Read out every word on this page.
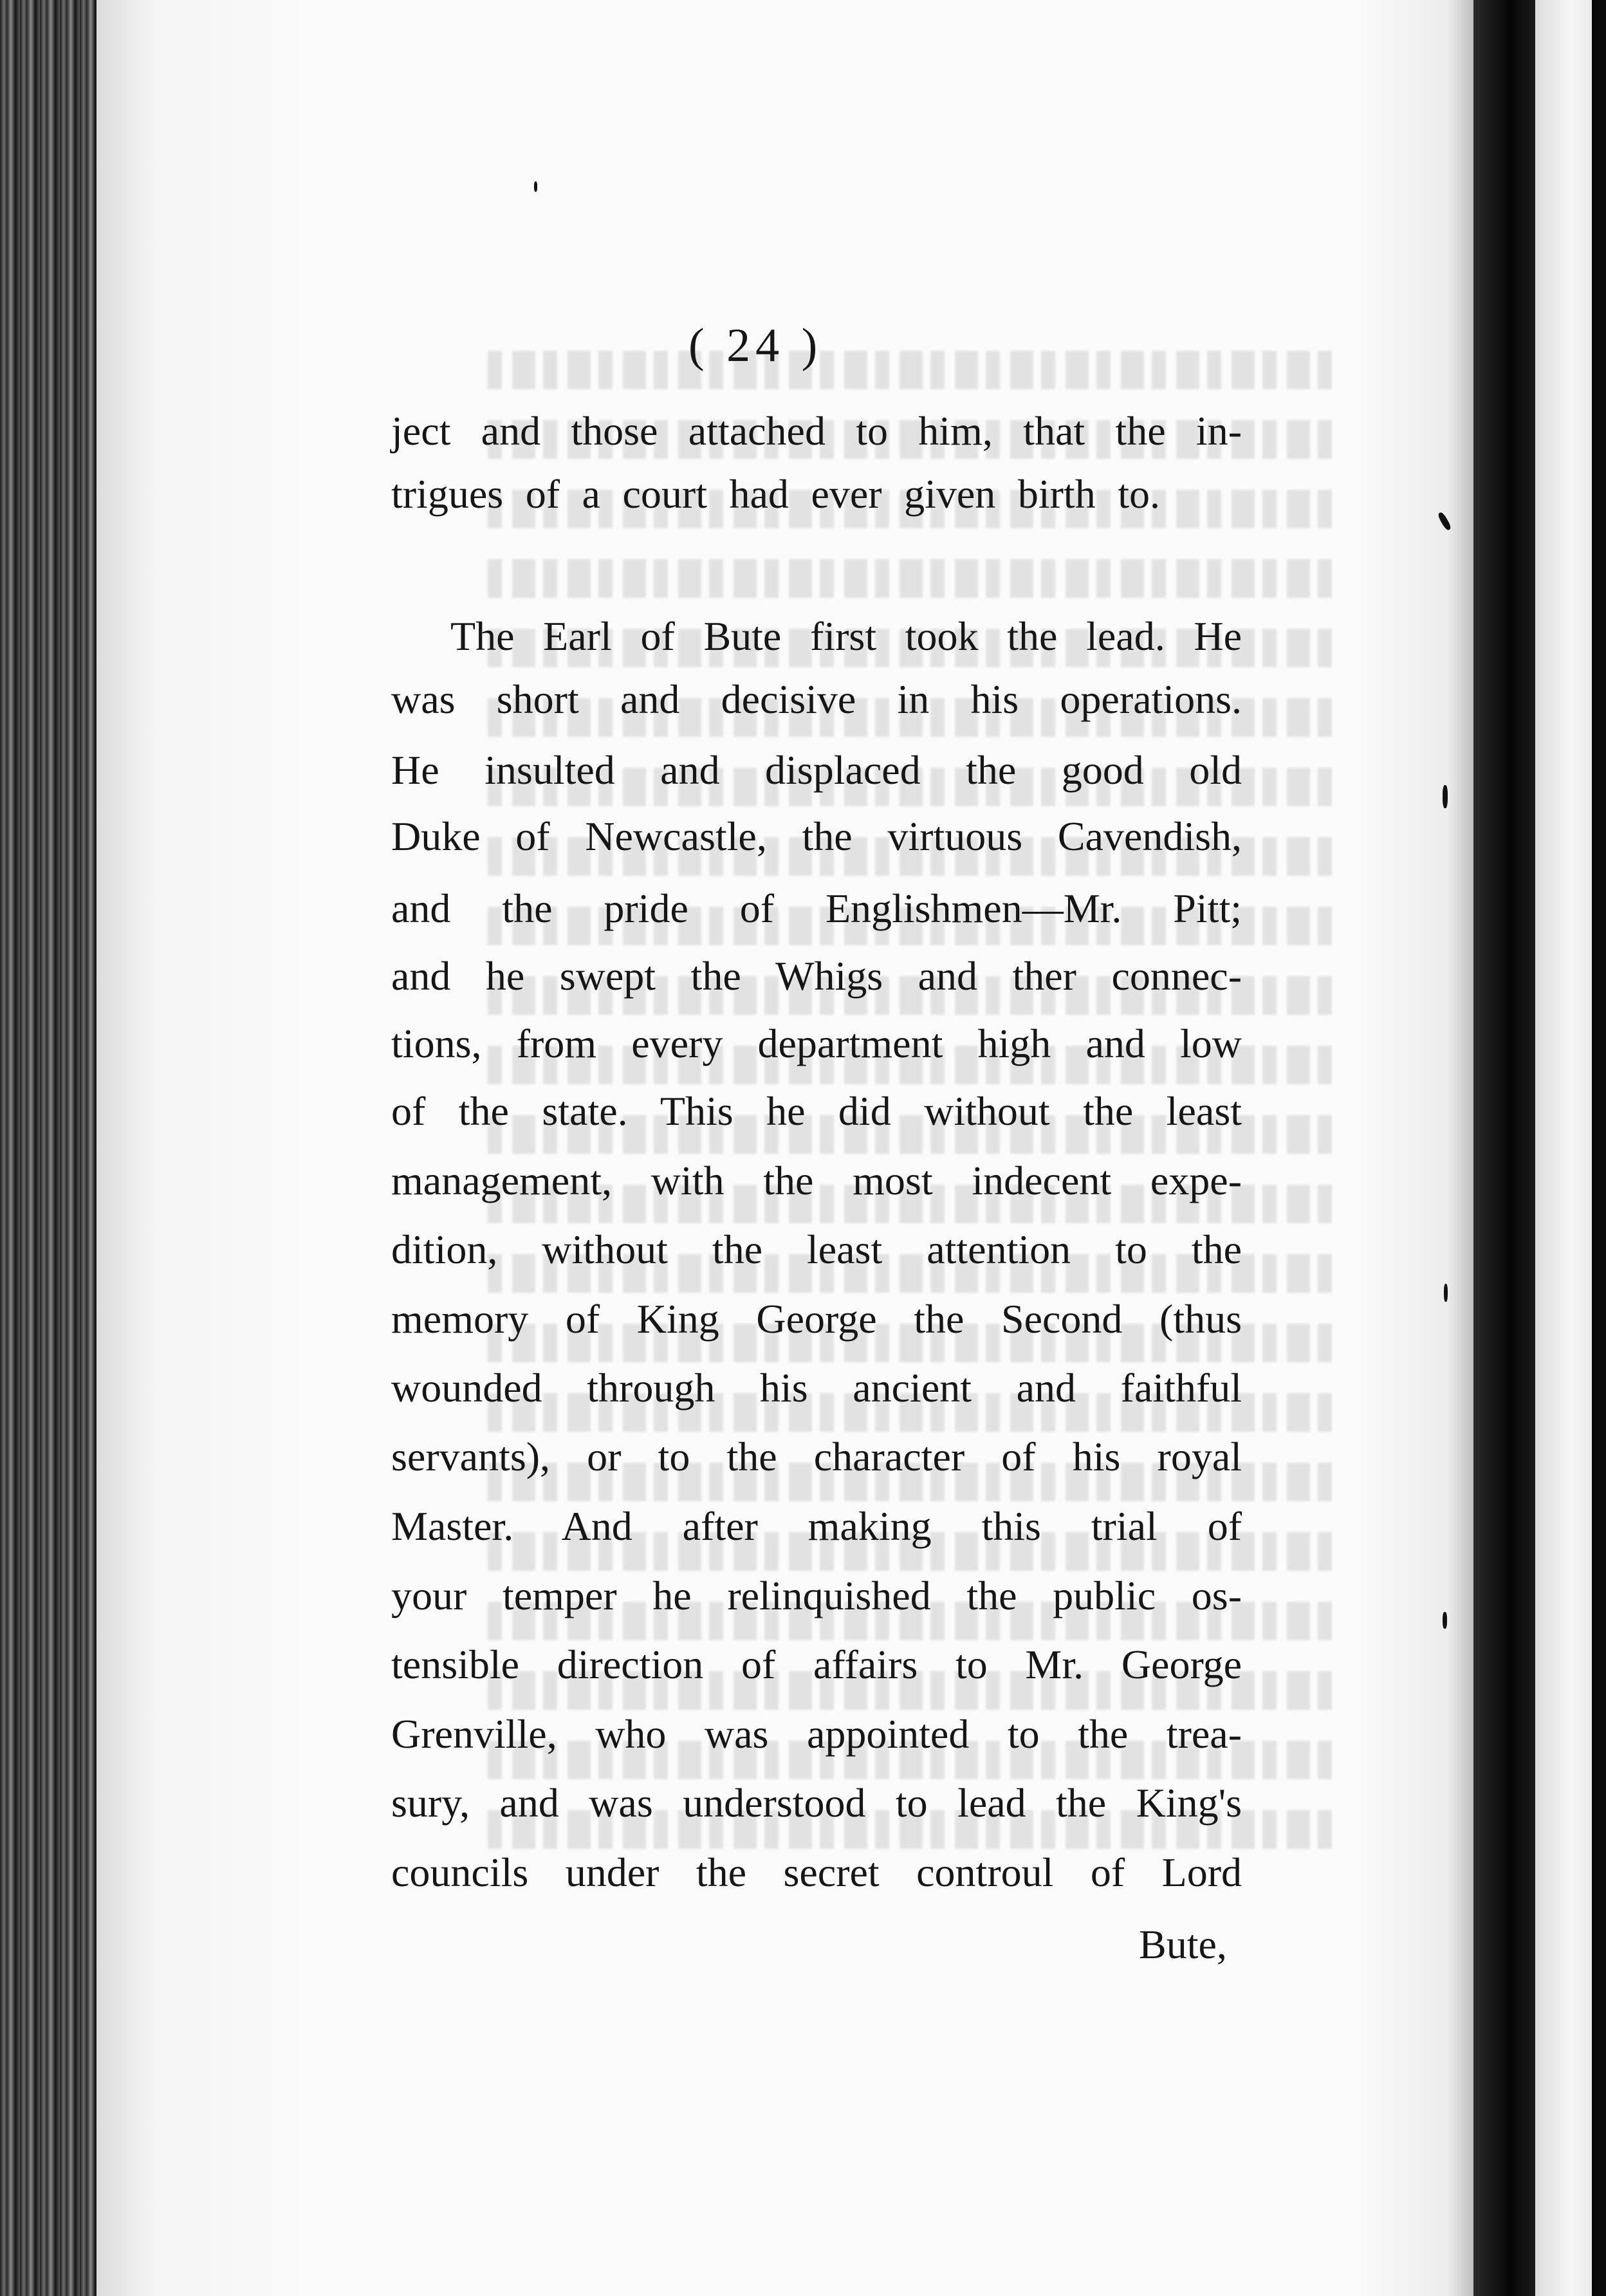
( 24 )
ject and those attached to him, that the in-
trigues of a court had ever given birth to.
The Earl of Bute first took the lead. He
was short and decisive in his operations.
He insulted and displaced the good old
Duke of Newcastle, the virtuous Cavendish,
and the pride of Englishmen—Mr. Pitt;
and he swept the Whigs and ther connec-
tions, from every department high and low
of the state. This he did without the least
management, with the most indecent expe-
dition, without the least attention to the
memory of King George the Second (thus
wounded through his ancient and faithful
servants), or to the character of his royal
Master. And after making this trial of
your temper he relinquished the public os-
tensible direction of affairs to Mr. George
Grenville, who was appointed to the trea-
sury, and was understood to lead the King's
councils under the secret controul of Lord
Bute,
